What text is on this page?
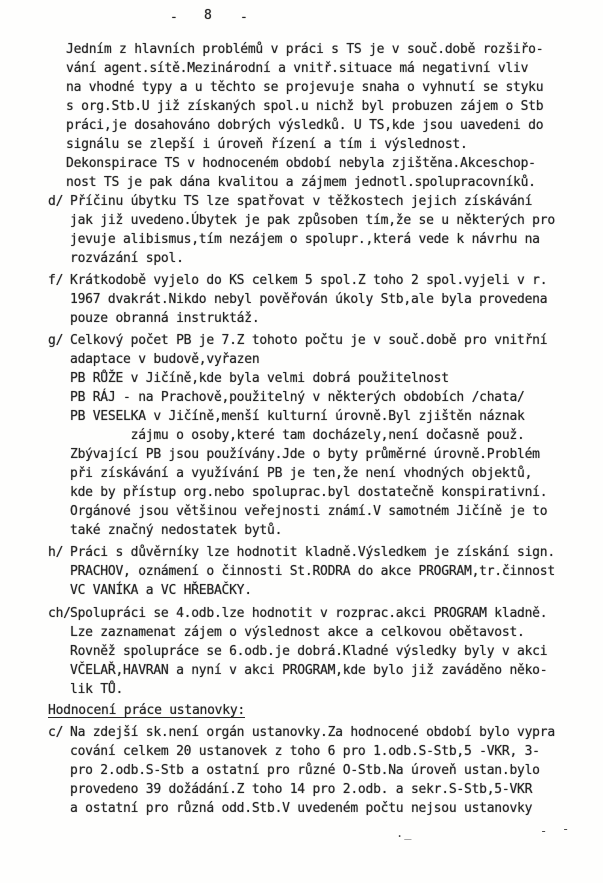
- 8 -
Jedním z hlavních problémů v práci s TS je v souč.době rozšiřo-
vání agent.sítě.Mezinárodní a vnitř.situace má negativní vliv
na vhodné typy a u těchto se projevuje snaha o vyhnutí se styku
s org.Stb.U již získaných spol.u nichž byl probuzen zájem o Stb
práci,je dosahováno dobrých výsledků. U TS,kde jsou uavedeni do
signálu se zlepší i úroveň řízení a tím i výslednost.
Dekonspirace TS v hodnoceném období nebyla zjištěna.Akceschop-
nost TS je pak dána kvalitou a zájmem jednotl.spolupracovníků.
d/ Příčinu úbytku TS lze spatřovat v těžkostech jejich získávání
jak již uvedeno.Úbytek je pak způsoben tím,že se u některých pro
jevuje alibismus,tím nezájem o spolupr.,která vede k návrhu na
rozvázání spol.
f/ Krátkodobě vyjelo do KS celkem 5 spol.Z toho 2 spol.vyjeli v r.
1967 dvakrát.Nikdo nebyl pověřován úkoly Stb,ale byla provedena
pouze obranná instruktáž.
g/ Celkový počet PB je 7.Z tohoto počtu je v souč.době pro vnitřní
adaptace v budově,vyřazen
PB RŮŽE v Jičíně,kde byla velmi dobrá použitelnost
PB RÁJ - na Prachově,použitelný v některých obdobích /chata/
PB VESELKA v Jičíně,menší kulturní úrovně.Byl zjištěn náznak
zájmu o osoby,které tam docházely,není dočasně použ.
Zbývající PB jsou používány.Jde o byty průměrné úrovně.Problém
při získávání a využívání PB je ten,že není vhodných objektů,
kde by přístup org.nebo spoluprac.byl dostatečně konspirativní.
Orgánové jsou většinou veřejnosti známí.V samotném Jičíně je to
také značný nedostatek bytů.
h/ Práci s důvěrníky lze hodnotit kladně.Výsledkem je získání sign.
PRACHOV, oznámení o činnosti St.RODRA do akce PROGRAM,tr.činnost
VC VANÍKA a VC HŘEBAČKY.
ch/ Spolupráci se 4.odb.lze hodnotit v rozprac.akci PROGRAM kladně.
Lze zaznamenat zájem o výslednost akce a celkovou obětavost.
Rovněž spolupráce se 6.odb.je dobrá.Kladné výsledky byly v akci
VČELAŘ,HAVRAN a nyní v akci PROGRAM,kde bylo již zaváděno něko-
lik TŮ.
Hodnocení práce ustanovky:
c/ Na zdejší sk.není orgán ustanovky.Za hodnocené období bylo vypra
cování celkem 20 ustanovek z toho 6 pro 1.odb.S-Stb,5 -VKR, 3-
pro 2.odb.S-Stb a ostatní pro různé O-Stb.Na úroveň ustan.bylo
provedeno 39 dožádání.Z toho 14 pro 2.odb. a sekr.S-Stb,5-VKR
a ostatní pro různá odd.Stb.V uvedeném počtu nejsou ustanovky
._	- -
